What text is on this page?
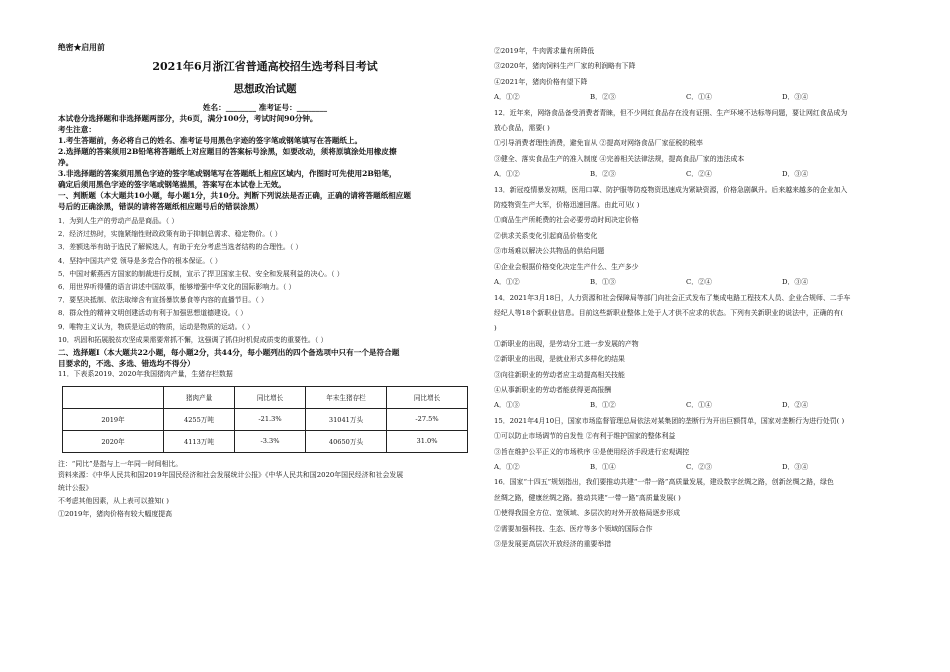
绝密★启用前
2021年6月浙江省普通高校招生选考科目考试
思想政治试题
姓名：________ 准考证号：________
本试卷分选择题和非选择题两部分，共6页，满分100分，考试时间90分钟。
考生注意：
1.考生答题前，务必将自己的姓名、准考证号用黑色字迹的签字笔或钢笔填写在答题纸上。
2.选择题的答案须用2B铅笔将答题纸上对应题目的答案标号涂黑，如要改动，须将原填涂处用橡皮擦
净。
3.非选择题的答案须用黑色字迹的签字笔或钢笔写在答题纸上相应区域内，作图时可先使用2B铅笔，
确定后须用黑色字迹的签字笔或钢笔描黑，答案写在本试卷上无效。
一、判断题（本大题共10小题，每小题1分，共10分。判断下列说法是否正确，正确的请将答题纸相应题
号后的正确涂黑，错误的请将答题纸相应题号后的错误涂黑）
1．为到人生产的劳动产品是商品。（ ）
2．经济过热时，实施紧缩性财政政策有助于抑制总需求、稳定物价。（ ）
3．差额选举有助于选民了解候选人，有助于充分考虑当选者结构的合理性。（ ）
4．坚持中国共产党 领导是多党合作的根本保证。（ ）
5．中国对紫燕西方国家的制裁进行反制，宣示了捍卫国家主权、安全和发展利益的决心。（ ）
6．用世界听得懂的语言讲述中国故事，能够增强中华文化的国际影响力。（ ）
7．要坚决抵制、依法取缔含有宣扬暴饮暴食等内容的直播节目。（ ）
8．群众性的精神文明创建活动有利于加强思想道德建设。（ ）
9．唯物主义认为，物质是运动的物质，运动是物质的运动。（ ）
10．巩固和拓展脱贫攻坚成果需要常抓不懈，这强调了抓住时机促成质变的重要性。（ ）
二、选择题Ⅰ（本大题共22小题，每小题2分，共44分，每小题列出的四个备选项中只有一个是符合题
目要求的，不选、多选、错选均不得分）
11．下表系2019、2020年我国猪肉产量，生猪存栏数据
	猪肉产量	同比增长	年末生猪存栏	同比增长
2019年	4255万吨	-21.3%	31041万头	-27.5%
2020年	4113万吨	-3.3%	40650万头	31.0%
注：“同比”是指与上一年同一时间相比。
资料来源：《中华人民共和国2019年国民经济和社会发展统计公报》《中华人民共和国2020年国民经济和社会发展
统计公报》
不考虑其他因素，从上表可以推知( )
①2019年，猪肉价格有较大幅度提高
②2019年，牛肉需求量有所降低
③2020年，猪肉饲料生产厂家的利润略有下降
④2021年，猪肉价格有望下降
A．①②	B．②③	C．①④	D．③④
12．近年来，网络食品备受消费者青睐，但不少网红食品存在没有证照、生产环境不达标等问题，要让网红食品成为
放心食品，需要( )
①引导消费者理性消费，避免盲从 ②提高对网络食品厂家征税的税率
③健全、落实食品生产的准入制度 ④完善相关法律法规，提高食品厂家的违法成本
A．①②	B．②③	C．②④	D．③④
13．新冠疫情暴发初期，医用口罩、防护服等防疫物资迅速成为紧缺资源，价格急剧飙升。后来越来越多的企业加入
防疫物资生产大军，价格迅速回落。由此可见( )
①商品生产所耗费的社会必要劳动时间决定价格
②供求关系变化引起商品价格变化
③市场难以解决公共物品的供给问题
④企业会根据价格变化决定生产什么、生产多少
A．①②	B．①③	C．②④	D．③④
14．2021年3月18日，人力资源和社会保障局等部门向社会正式发布了集成电路工程技术人员、企业合规师、二手车
经纪人等18个新职业信息。目前这些新职业整体上处于人才供不应求的状态。下列有关新职业的说法中，正确的有(
)
①新职业的出现，是劳动分工进一步发展的产物
②新职业的出现，是就业形式多样化的结果
③向往新职业的劳动者应主动提高相关技能
④从事新职业的劳动者能获得更高报酬
A．①③	B．①②	C．①④	D．②④
15．2021年4月10日，国家市场监督管理总局依法对某集团的垄断行为开出巨额罚单，国家对垄断行为进行处罚( )
①可以防止市场调节的自发性 ②有利于维护国家的整体利益
③旨在维护公平正义的市场秩序 ④是使用经济手段进行宏观调控
A．①②	B．①④	C．②③	D．③④
16．国家“十四五”规划指出，我们要推动共建“一带一路”高质量发展，建设数字丝绸之路，创新丝绸之路，绿色
丝绸之路，健康丝绸之路。推动共建“一带一路”高质量发展( )
①使得我国全方位、宽领域、多层次的对外开放格局逐步形成
②需要加强科技、生态、医疗等多个领域的国际合作
③是发展更高层次开放经济的重要举措
